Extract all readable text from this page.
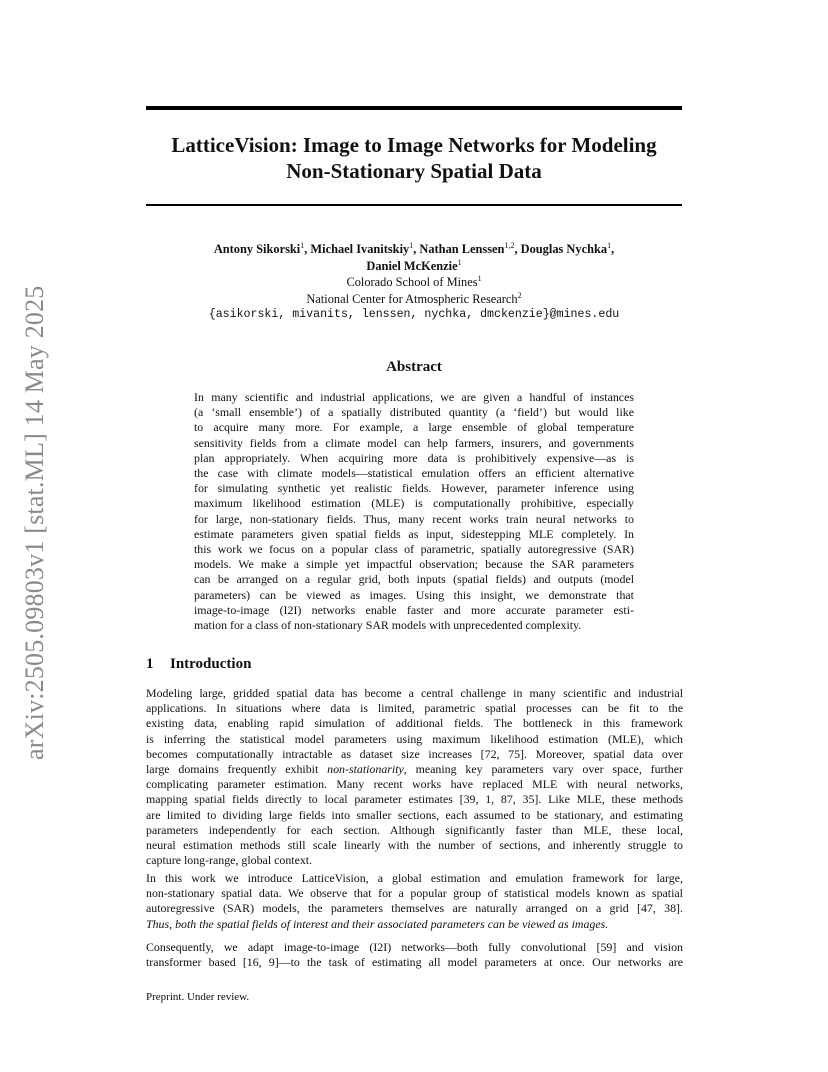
arXiv:2505.09803v1 [stat.ML] 14 May 2025
LatticeVision: Image to Image Networks for Modeling
Non-Stationary Spatial Data
Antony Sikorski$^1$, Michael Ivanitskiy$^1$, Nathan Lenssen$^{1,2}$, Douglas Nychka$^1$,
Daniel McKenzie$^1$
Colorado School of Mines$^1$
National Center for Atmospheric Research$^2$
{asikorski, mivanits, lenssen, nychka, dmckenzie}@mines.edu
Abstract
In many scientific and industrial applications, we are given a handful of instances
(a ‘small ensemble’) of a spatially distributed quantity (a ‘field’) but would like
to acquire many more. For example, a large ensemble of global temperature
sensitivity fields from a climate model can help farmers, insurers, and governments
plan appropriately. When acquiring more data is prohibitively expensive—as is
the case with climate models—statistical emulation offers an efficient alternative
for simulating synthetic yet realistic fields. However, parameter inference using
maximum likelihood estimation (MLE) is computationally prohibitive, especially
for large, non-stationary fields. Thus, many recent works train neural networks to
estimate parameters given spatial fields as input, sidestepping MLE completely. In
this work we focus on a popular class of parametric, spatially autoregressive (SAR)
models. We make a simple yet impactful observation; because the SAR parameters
can be arranged on a regular grid, both inputs (spatial fields) and outputs (model
parameters) can be viewed as images. Using this insight, we demonstrate that
image-to-image (I2I) networks enable faster and more accurate parameter esti-
mation for a class of non-stationary SAR models with unprecedented complexity.
1 Introduction
Modeling large, gridded spatial data has become a central challenge in many scientific and industrial
applications. In situations where data is limited, parametric spatial processes can be fit to the
existing data, enabling rapid simulation of additional fields. The bottleneck in this framework
is inferring the statistical model parameters using maximum likelihood estimation (MLE), which
becomes computationally intractable as dataset size increases [72, 75]. Moreover, spatial data over
large domains frequently exhibit non-stationarity, meaning key parameters vary over space, further
complicating parameter estimation. Many recent works have replaced MLE with neural networks,
mapping spatial fields directly to local parameter estimates [39, 1, 87, 35]. Like MLE, these methods
are limited to dividing large fields into smaller sections, each assumed to be stationary, and estimating
parameters independently for each section. Although significantly faster than MLE, these local,
neural estimation methods still scale linearly with the number of sections, and inherently struggle to
capture long-range, global context.
In this work we introduce LatticeVision, a global estimation and emulation framework for large,
non-stationary spatial data. We observe that for a popular group of statistical models known as spatial
autoregressive (SAR) models, the parameters themselves are naturally arranged on a grid [47, 38].
Thus, both the spatial fields of interest and their associated parameters can be viewed as images.
Consequently, we adapt image-to-image (I2I) networks—both fully convolutional [59] and vision
transformer based [16, 9]—to the task of estimating all model parameters at once. Our networks are
Preprint. Under review.
